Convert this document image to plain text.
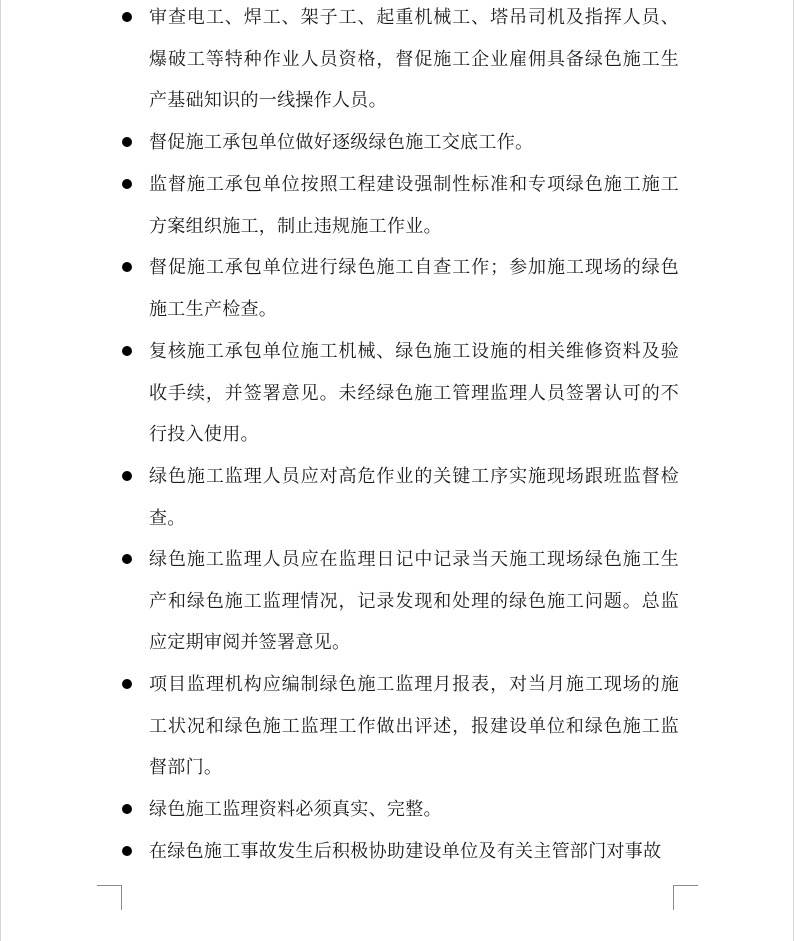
审查电工、焊工、架子工、起重机械工、塔吊司机及指挥人员、爆破工等特种作业人员资格，督促施工企业雇佣具备绿色施工生产基础知识的一线操作人员。
督促施工承包单位做好逐级绿色施工交底工作。
监督施工承包单位按照工程建设强制性标准和专项绿色施工施工方案组织施工，制止违规施工作业。
督促施工承包单位进行绿色施工自查工作；参加施工现场的绿色施工生产检查。
复核施工承包单位施工机械、绿色施工设施的相关维修资料及验收手续，并签署意见。未经绿色施工管理监理人员签署认可的不行投入使用。
绿色施工监理人员应对高危作业的关键工序实施现场跟班监督检查。
绿色施工监理人员应在监理日记中记录当天施工现场绿色施工生产和绿色施工监理情况，记录发现和处理的绿色施工问题。总监应定期审阅并签署意见。
项目监理机构应编制绿色施工监理月报表，对当月施工现场的施工状况和绿色施工监理工作做出评述，报建设单位和绿色施工监督部门。
绿色施工监理资料必须真实、完整。
在绿色施工事故发生后积极协助建设单位及有关主管部门对事故
